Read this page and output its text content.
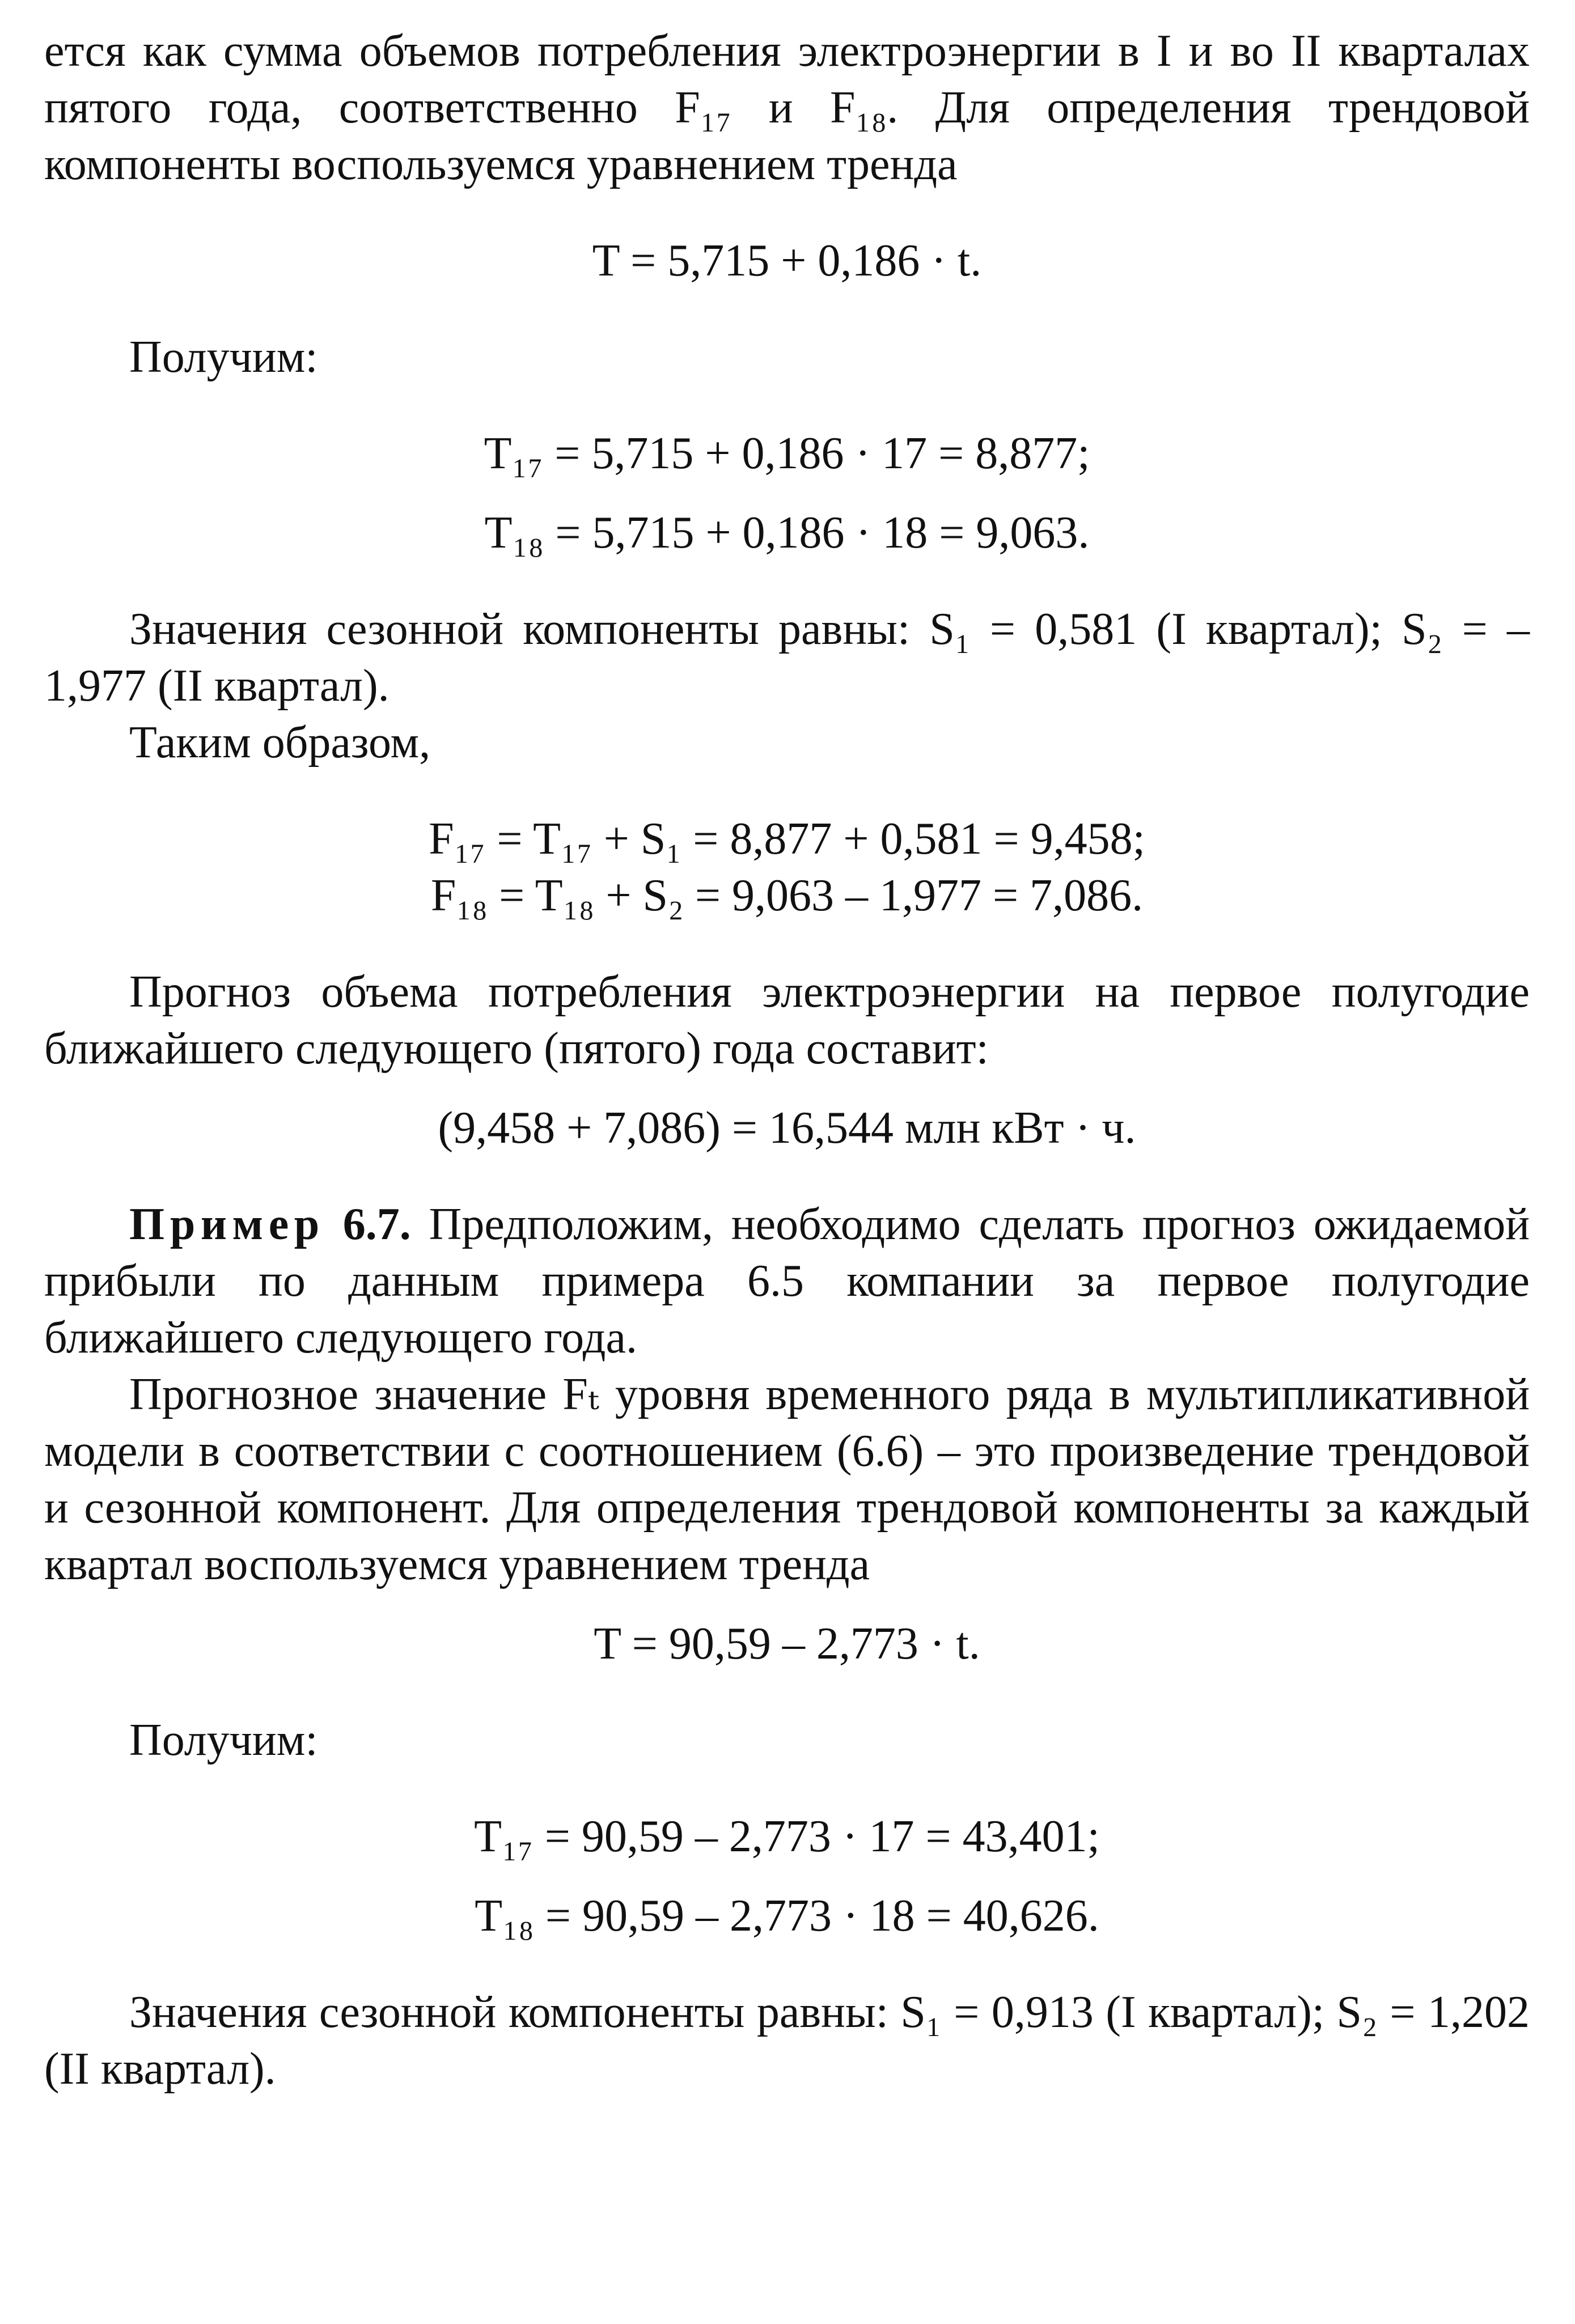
ется как сумма объемов потребления электроэнергии в I и во II кварталах пятого года, соответственно F₁₇ и F₁₈. Для определения трендовой компоненты воспользуемся уравнением тренда

T = 5,715 + 0,186 · t.

Получим:

T₁₇ = 5,715 + 0,186 · 17 = 8,877;

T₁₈ = 5,715 + 0,186 · 18 = 9,063.

Значения сезонной компоненты равны: S₁ = 0,581 (I квартал); S₂ = –1,977 (II квартал).

Таким образом,

F₁₇ = T₁₇ + S₁ = 8,877 + 0,581 = 9,458;

F₁₈ = T₁₈ + S₂ = 9,063 – 1,977 = 7,086.

Прогноз объема потребления электроэнергии на первое полугодие ближайшего следующего (пятого) года составит:

(9,458 + 7,086) = 16,544 млн кВт · ч.

Пример 6.7. Предположим, необходимо сделать прогноз ожидаемой прибыли по данным примера 6.5 компании за первое полугодие ближайшего следующего года.

Прогнозное значение Fₜ уровня временного ряда в мультипликативной модели в соответствии с соотношением (6.6) – это произведение трендовой и сезонной компонент. Для определения трендовой компоненты за каждый квартал воспользуемся уравнением тренда

T = 90,59 – 2,773 · t.

Получим:

T₁₇ = 90,59 – 2,773 · 17 = 43,401;

T₁₈ = 90,59 – 2,773 · 18 = 40,626.

Значения сезонной компоненты равны: S₁ = 0,913 (I квартал); S₂ = 1,202 (II квартал).
